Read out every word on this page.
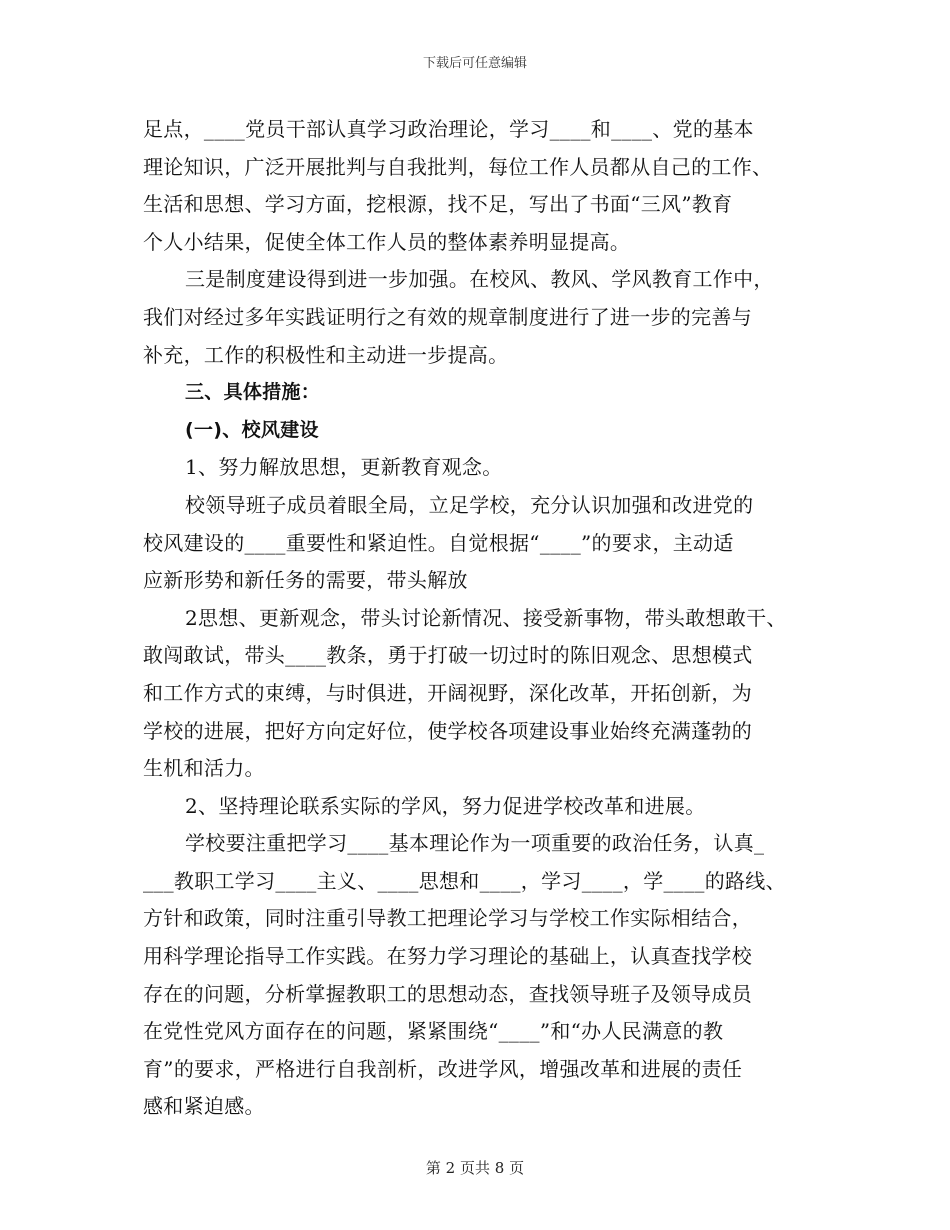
下载后可任意编辑
足点，____党员干部认真学习政治理论，学习____和____、党的基本
理论知识，广泛开展批判与自我批判，每位工作人员都从自己的工作、
生活和思想、学习方面，挖根源，找不足，写出了书面“三风”教育
个人小结果，促使全体工作人员的整体素养明显提高。
三是制度建设得到进一步加强。在校风、教风、学风教育工作中，
我们对经过多年实践证明行之有效的规章制度进行了进一步的完善与
补充，工作的积极性和主动进一步提高。
三、具体措施：
(一)、校风建设
1、努力解放思想，更新教育观念。
校领导班子成员着眼全局，立足学校，充分认识加强和改进党的
校风建设的____重要性和紧迫性。自觉根据“____”的要求，主动适
应新形势和新任务的需要，带头解放
2思想、更新观念，带头讨论新情况、接受新事物，带头敢想敢干、
敢闯敢试，带头____教条，勇于打破一切过时的陈旧观念、思想模式
和工作方式的束缚，与时俱进，开阔视野，深化改革，开拓创新，为
学校的进展，把好方向定好位，使学校各项建设事业始终充满蓬勃的
生机和活力。
2、坚持理论联系实际的学风，努力促进学校改革和进展。
学校要注重把学习____基本理论作为一项重要的政治任务，认真_
___教职工学习____主义、____思想和____，学习____，学____的路线、
方针和政策，同时注重引导教工把理论学习与学校工作实际相结合，
用科学理论指导工作实践。在努力学习理论的基础上，认真查找学校
存在的问题，分析掌握教职工的思想动态，查找领导班子及领导成员
在党性党风方面存在的问题，紧紧围绕“____”和“办人民满意的教
育”的要求，严格进行自我剖析，改进学风，增强改革和进展的责任
感和紧迫感。
第 2 页共 8 页
